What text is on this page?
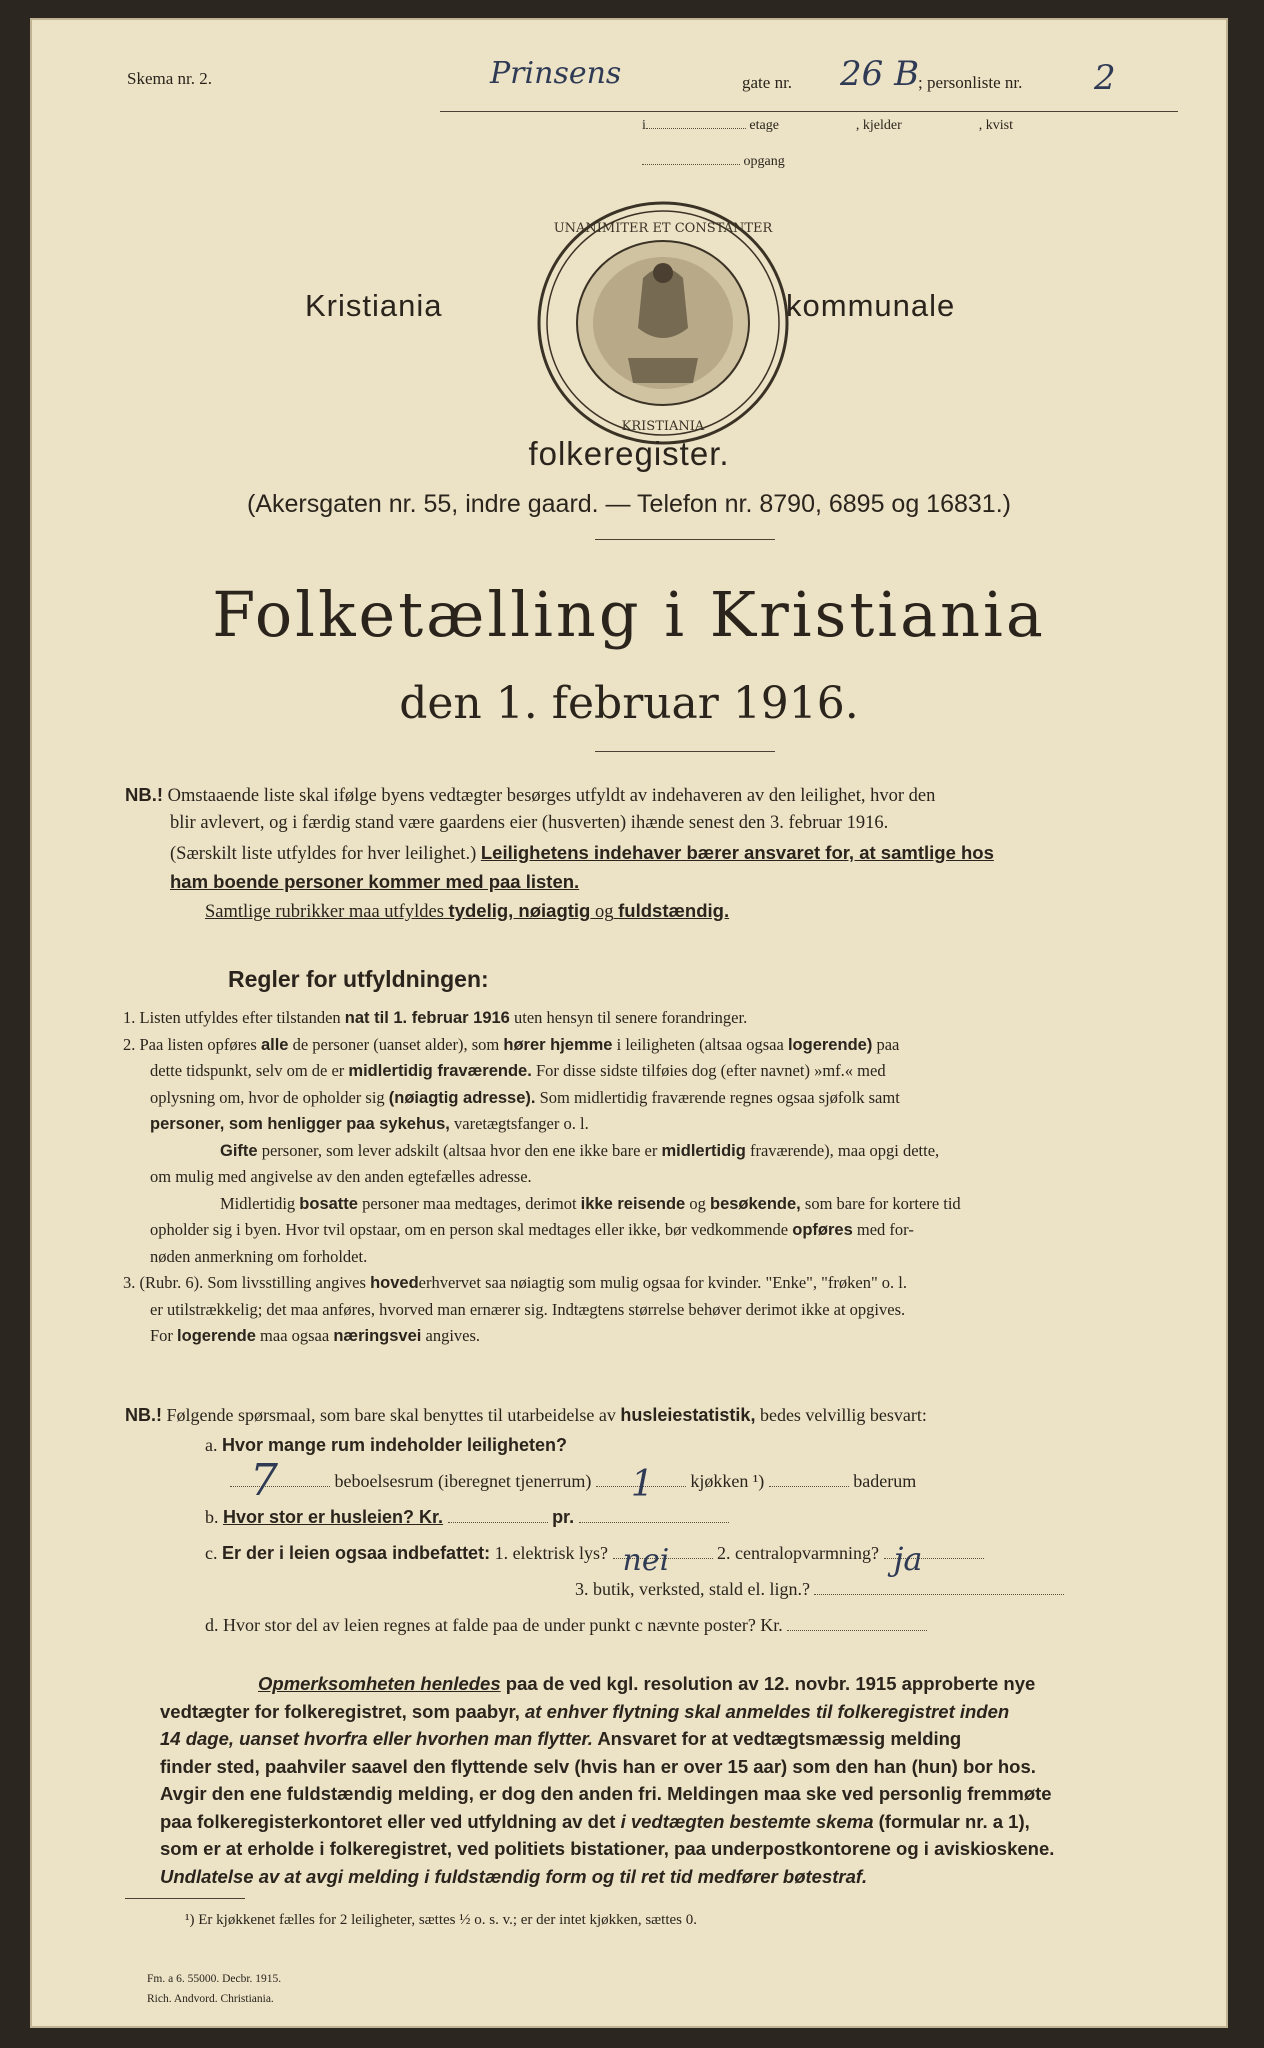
Skema nr. 2.	Prinsens	gate nr. 26 B
; personliste nr. 2
i	etage	, kjelder	, kvist
opgang
UNANIMITER ET CONSTANTER
KRISTIANIA
Kristiania	kommunale
folkeregister.
(Akersgaten nr. 55, indre gaard. — Telefon nr. 8790, 6895 og 16831.)
Folketælling i Kristiania
den 1. februar 1916.
NB.! Omstaaende liste skal ifølge byens vedtægter besørges utfyldt av indehaveren av den leilighet, hvor den
blir avlevert, og i færdig stand være gaardens eier (husverten) ihænde senest den 3. februar 1916.
(Særskilt liste utfyldes for hver leilighet.) Leilighetens indehaver bærer ansvaret for, at samtlige hos
ham boende personer kommer med paa listen.
Samtlige rubrikker maa utfyldes tydelig, nøiagtig og fuldstændig.
Regler for utfyldningen:
1. Listen utfyldes efter tilstanden nat til 1. februar 1916 uten hensyn til senere forandringer.
2. Paa listen opføres alle de personer (uanset alder), som hører hjemme i leiligheten (altsaa ogsaa logerende) paa
dette tidspunkt, selv om de er midlertidig fraværende. For disse sidste tilføies dog (efter navnet) »mf.« med
oplysning om, hvor de opholder sig (nøiagtig adresse). Som midlertidig fraværende regnes ogsaa sjøfolk samt
personer, som henligger paa sykehus, varetægtsfanger o. l.
Gifte personer, som lever adskilt (altsaa hvor den ene ikke bare er midlertidig fraværende), maa opgi dette,
om mulig med angivelse av den anden egtefælles adresse.
Midlertidig bosatte personer maa medtages, derimot ikke reisende og besøkende, som bare for kortere tid
opholder sig i byen. Hvor tvil opstaar, om en person skal medtages eller ikke, bør vedkommende opføres med for-
nøden anmerkning om forholdet.
3. (Rubr. 6). Som livsstilling angives hovederhvervet saa nøiagtig som mulig ogsaa for kvinder. "Enke", "frøken" o. l.
er utilstrækkelig; det maa anføres, hvorved man ernærer sig. Indtægtens størrelse behøver derimot ikke at opgives.
For logerende maa ogsaa næringsvei angives.
NB.! Følgende spørsmaal, som bare skal benyttes til utarbeidelse av husleiestatistik, bedes velvillig besvart:
a. Hvor mange rum indeholder leiligheten?
7	beboelsesrum (iberegnet tjenerrum) 1 kjøkken ¹)	baderum
b. Hvor stor er husleien? Kr.	pr.
c. Er der i leien ogsaa indbefattet: 1. elektrisk lys? nei	2. centralopvarmning? ja
3. butik, verksted, stald el. lign.?
d. Hvor stor del av leien regnes at falde paa de under punkt c nævnte poster? Kr.
Opmerksomheten henledes paa de ved kgl. resolution av 12. novbr. 1915 approberte nye
vedtægter for folkeregistret, som paabyr, at enhver flytning skal anmeldes til folkeregistret inden
14 dage, uanset hvorfra eller hvorhen man flytter. Ansvaret for at vedtægtsmæssig melding
finder sted, paahviler saavel den flyttende selv (hvis han er over 15 aar) som den han (hun) bor hos.
Avgir den ene fuldstændig melding, er dog den anden fri. Meldingen maa ske ved personlig fremmøte
paa folkeregisterkontoret eller ved utfyldning av det i vedtægten bestemte skema (formular nr. a 1),
som er at erholde i folkeregistret, ved politiets bistationer, paa underpostkontorene og i aviskioskene.
Undlatelse av at avgi melding i fuldstændig form og til ret tid medfører bøtestraf.
¹) Er kjøkkenet fælles for 2 leiligheter, sættes ½ o. s. v.; er der intet kjøkken, sættes 0.
Fm. a 6. 55000. Decbr. 1915.
Rich. Andvord. Christiania.
